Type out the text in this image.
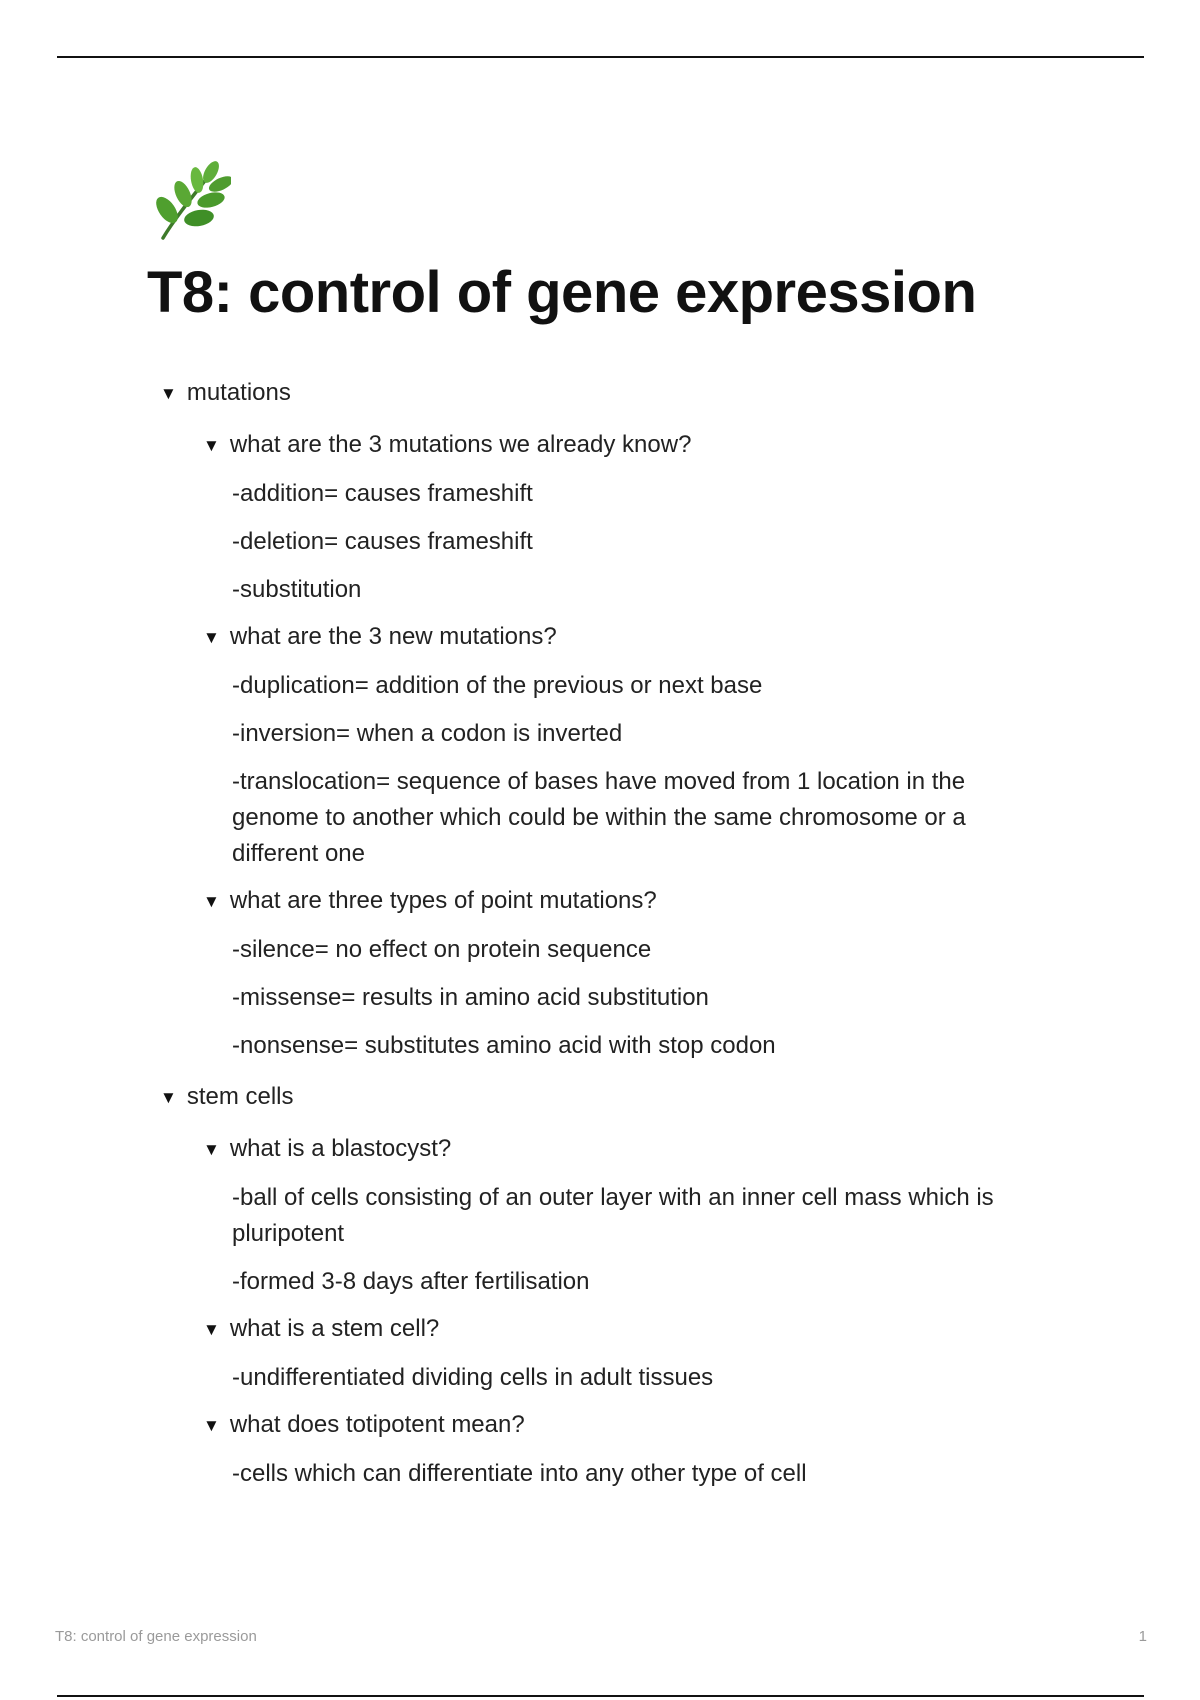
T8: control of gene expression
▼ mutations
▼ what are the 3 mutations we already know?
-addition= causes frameshift
-deletion= causes frameshift
-substitution
▼ what are the 3 new mutations?
-duplication= addition of the previous or next base
-inversion= when a codon is inverted
-translocation= sequence of bases have moved from 1 location in the genome to another which could be within the same chromosome or a different one
▼ what are three types of point mutations?
-silence= no effect on protein sequence
-missense= results in amino acid substitution
-nonsense= substitutes amino acid with stop codon
▼ stem cells
▼ what is a blastocyst?
-ball of cells consisting of an outer layer with an inner cell mass which is pluripotent
-formed 3-8 days after fertilisation
▼ what is a stem cell?
-undifferentiated dividing cells in adult tissues
▼ what does totipotent mean?
-cells which can differentiate into any other type of cell
T8: control of gene expression	1
